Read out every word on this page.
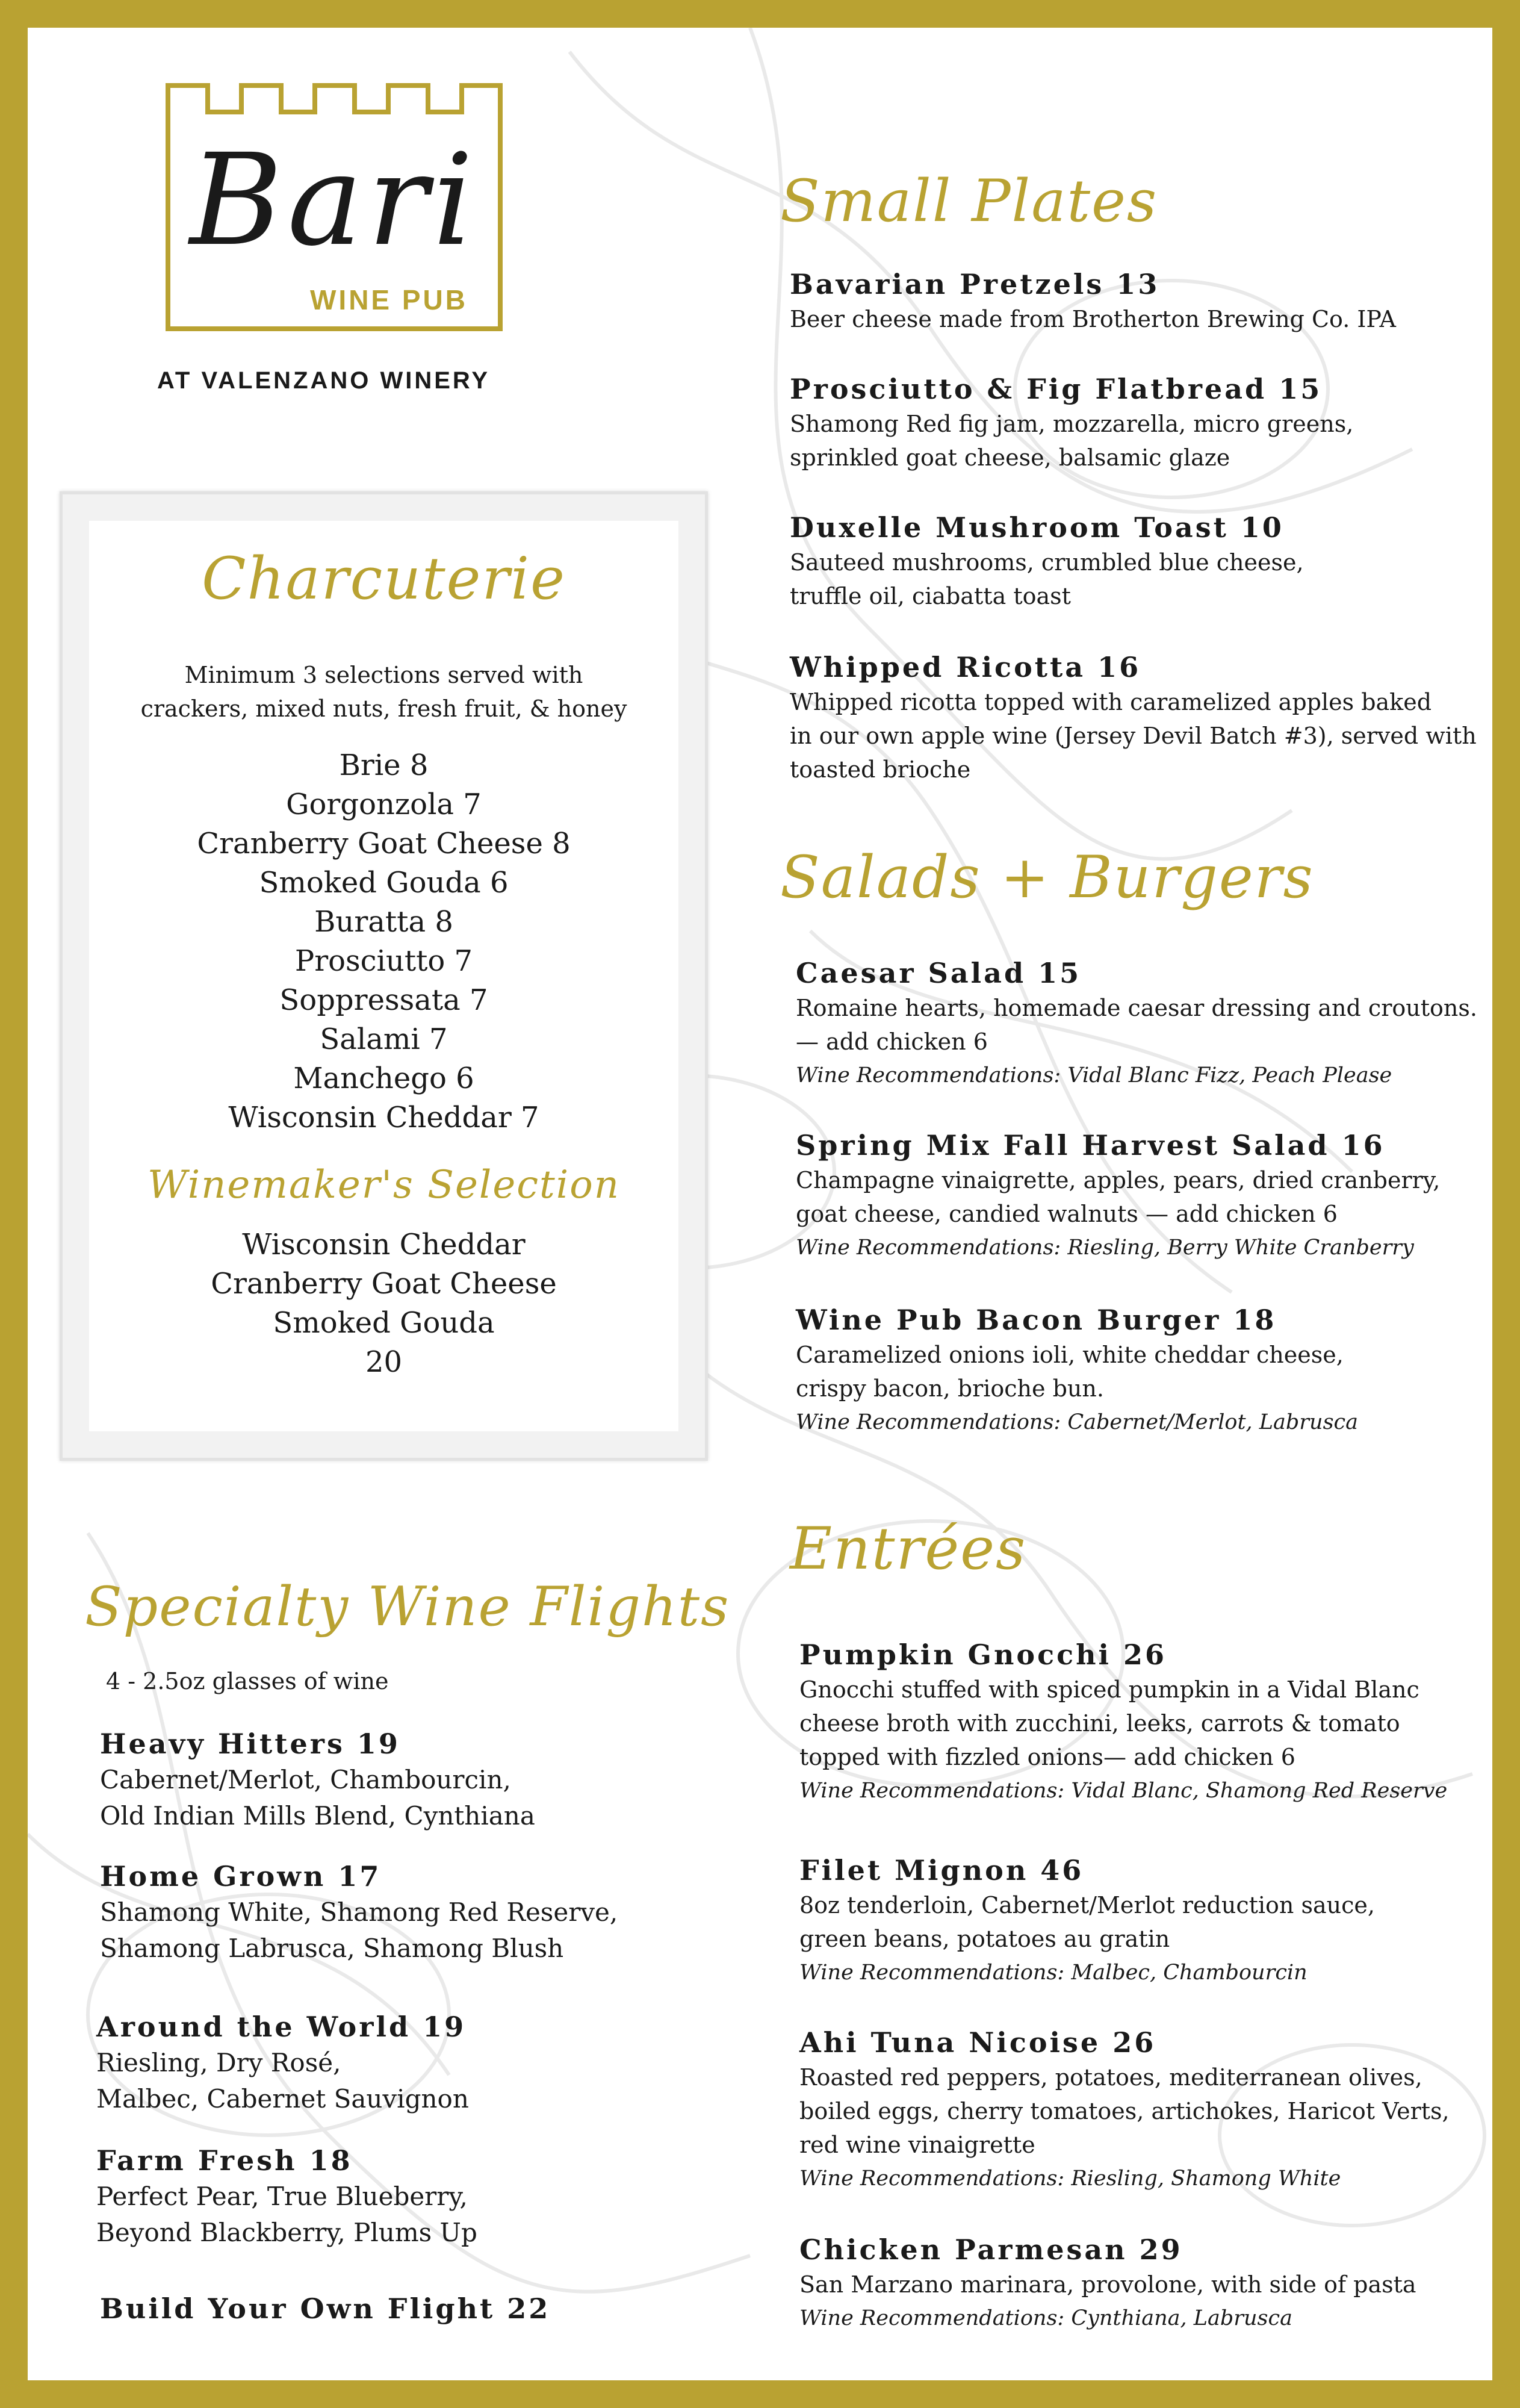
Bari
WINE PUB
AT VALENZANO WINERY
Charcuterie
Minimum 3 selections served with
crackers, mixed nuts, fresh fruit, & honey
Brie 8
Gorgonzola 7
Cranberry Goat Cheese 8
Smoked Gouda 6
Buratta 8
Prosciutto 7
Soppressata 7
Salami 7
Manchego 6
Wisconsin Cheddar 7
Winemaker's Selection
Wisconsin Cheddar
Cranberry Goat Cheese
Smoked Gouda
20
Specialty Wine Flights
4 - 2.5oz glasses of wine
Heavy Hitters 19
Cabernet/Merlot, Chambourcin,
Old Indian Mills Blend, Cynthiana
Home Grown 17
Shamong White, Shamong Red Reserve,
Shamong Labrusca, Shamong Blush
Around the World 19
Riesling, Dry Rosé,
Malbec, Cabernet Sauvignon
Farm Fresh 18
Perfect Pear, True Blueberry,
Beyond Blackberry, Plums Up
Build Your Own Flight 22
Small Plates
Bavarian Pretzels 13
Beer cheese made from Brotherton Brewing Co. IPA
Prosciutto & Fig Flatbread 15
Shamong Red fig jam, mozzarella, micro greens,
sprinkled goat cheese, balsamic glaze
Duxelle Mushroom Toast 10
Sauteed mushrooms, crumbled blue cheese,
truffle oil, ciabatta toast
Whipped Ricotta 16
Whipped ricotta topped with caramelized apples baked
in our own apple wine (Jersey Devil Batch #3), served with
toasted brioche
Salads + Burgers
Caesar Salad 15
Romaine hearts, homemade caesar dressing and croutons.
— add chicken 6
Wine Recommendations: Vidal Blanc Fizz, Peach Please
Spring Mix Fall Harvest Salad 16
Champagne vinaigrette, apples, pears, dried cranberry,
goat cheese, candied walnuts — add chicken 6
Wine Recommendations: Riesling, Berry White Cranberry
Wine Pub Bacon Burger 18
Caramelized onions ioli, white cheddar cheese,
crispy bacon, brioche bun.
Wine Recommendations: Cabernet/Merlot, Labrusca
Entrées
Pumpkin Gnocchi 26
Gnocchi stuffed with spiced pumpkin in a Vidal Blanc
cheese broth with zucchini, leeks, carrots & tomato
topped with fizzled onions— add chicken 6
Wine Recommendations: Vidal Blanc, Shamong Red Reserve
Filet Mignon 46
8oz tenderloin, Cabernet/Merlot reduction sauce,
green beans, potatoes au gratin
Wine Recommendations: Malbec, Chambourcin
Ahi Tuna Nicoise 26
Roasted red peppers, potatoes, mediterranean olives,
boiled eggs, cherry tomatoes, artichokes, Haricot Verts,
red wine vinaigrette
Wine Recommendations: Riesling, Shamong White
Chicken Parmesan 29
San Marzano marinara, provolone, with side of pasta
Wine Recommendations: Cynthiana, Labrusca
